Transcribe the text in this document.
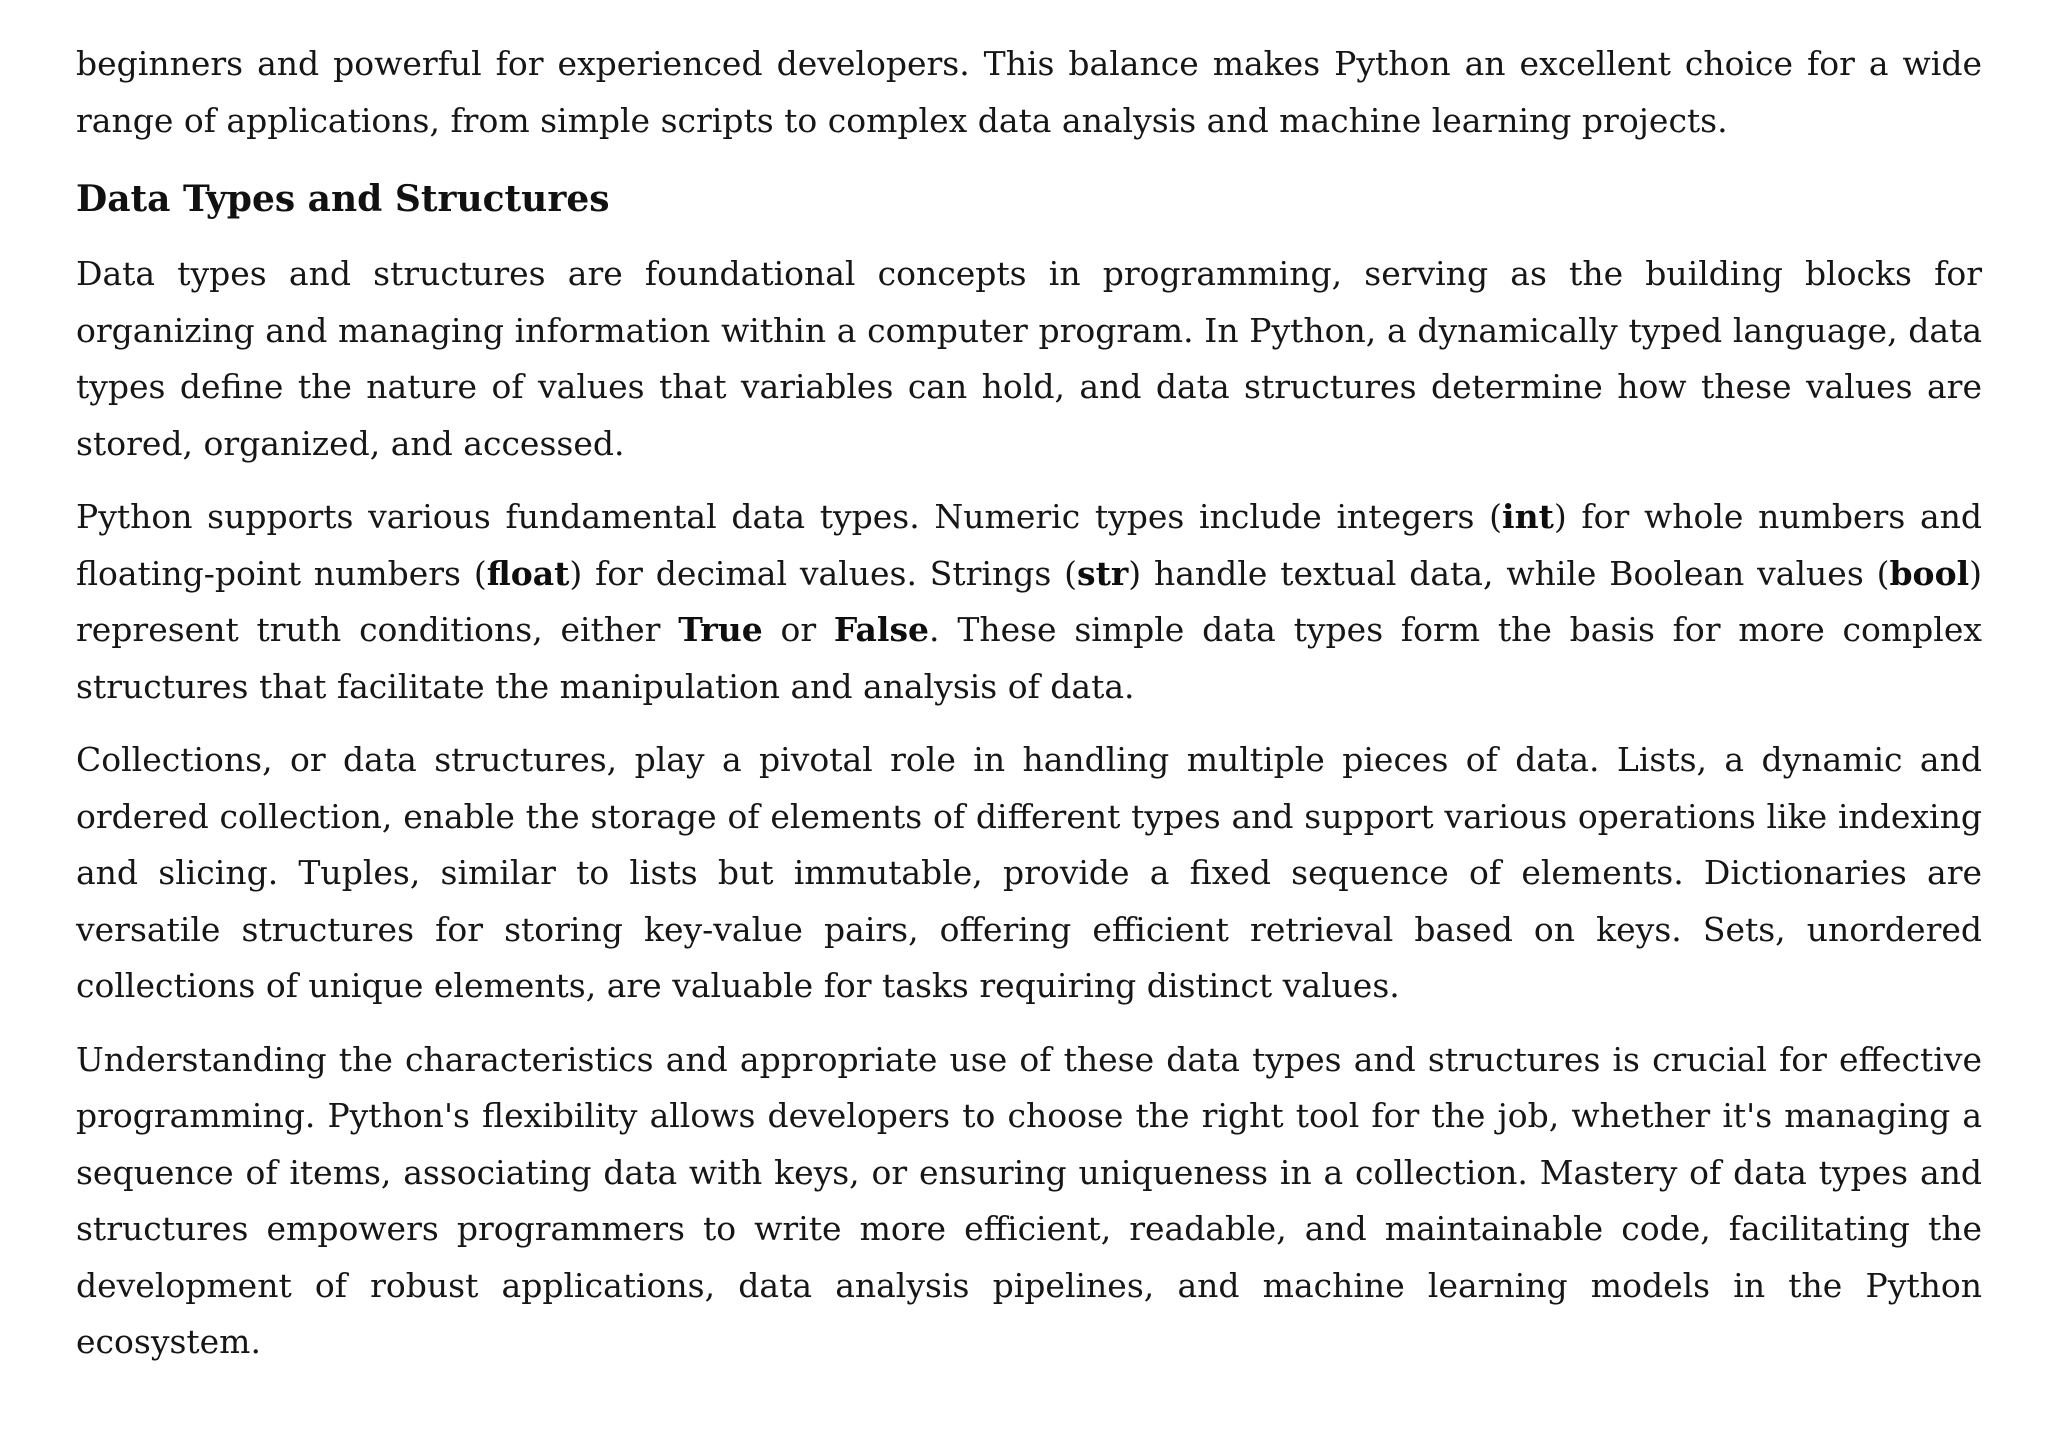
beginners and powerful for experienced developers. This balance makes Python an excellent choice for a wide range of applications, from simple scripts to complex data analysis and machine learning projects.

Data Types and Structures

Data types and structures are foundational concepts in programming, serving as the building blocks for organizing and managing information within a computer program. In Python, a dynamically typed language, data types define the nature of values that variables can hold, and data structures determine how these values are stored, organized, and accessed.

Python supports various fundamental data types. Numeric types include integers (int) for whole numbers and floating-point numbers (float) for decimal values. Strings (str) handle textual data, while Boolean values (bool) represent truth conditions, either True or False. These simple data types form the basis for more complex structures that facilitate the manipulation and analysis of data.

Collections, or data structures, play a pivotal role in handling multiple pieces of data. Lists, a dynamic and ordered collection, enable the storage of elements of different types and support various operations like indexing and slicing. Tuples, similar to lists but immutable, provide a fixed sequence of elements. Dictionaries are versatile structures for storing key-value pairs, offering efficient retrieval based on keys. Sets, unordered collections of unique elements, are valuable for tasks requiring distinct values.

Understanding the characteristics and appropriate use of these data types and structures is crucial for effective programming. Python's flexibility allows developers to choose the right tool for the job, whether it's managing a sequence of items, associating data with keys, or ensuring uniqueness in a collection. Mastery of data types and structures empowers programmers to write more efficient, readable, and maintainable code, facilitating the development of robust applications, data analysis pipelines, and machine learning models in the Python ecosystem.
